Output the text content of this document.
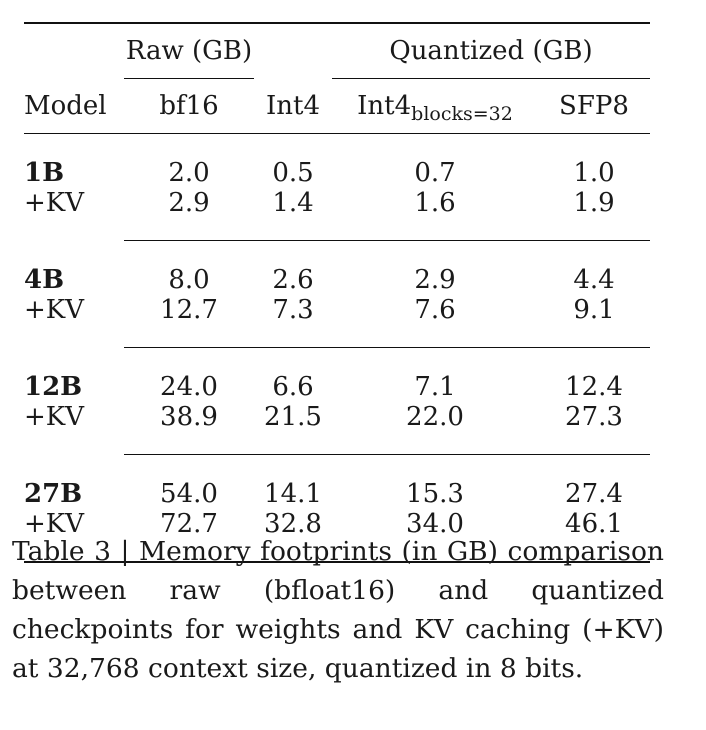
	Raw (GB)		Quantized (GB)	
Model	bf16	Int4	$Int4_{blocks=32}$	SFP8
1B	2.0	0.5	0.7	1.0
+KV	2.9	1.4	1.6	1.9
4B	8.0	2.6	2.9	4.4
+KV	12.7	7.3	7.6	9.1
12B	24.0	6.6	7.1	12.4
+KV	38.9	21.5	22.0	27.3
27B	54.0	14.1	15.3	27.4
+KV	72.7	32.8	34.0	46.1
Table 3 | Memory footprints (in GB) comparison between raw (bfloat16) and quantized checkpoints for weights and KV caching (+KV) at 32,768 context size, quantized in 8 bits.
